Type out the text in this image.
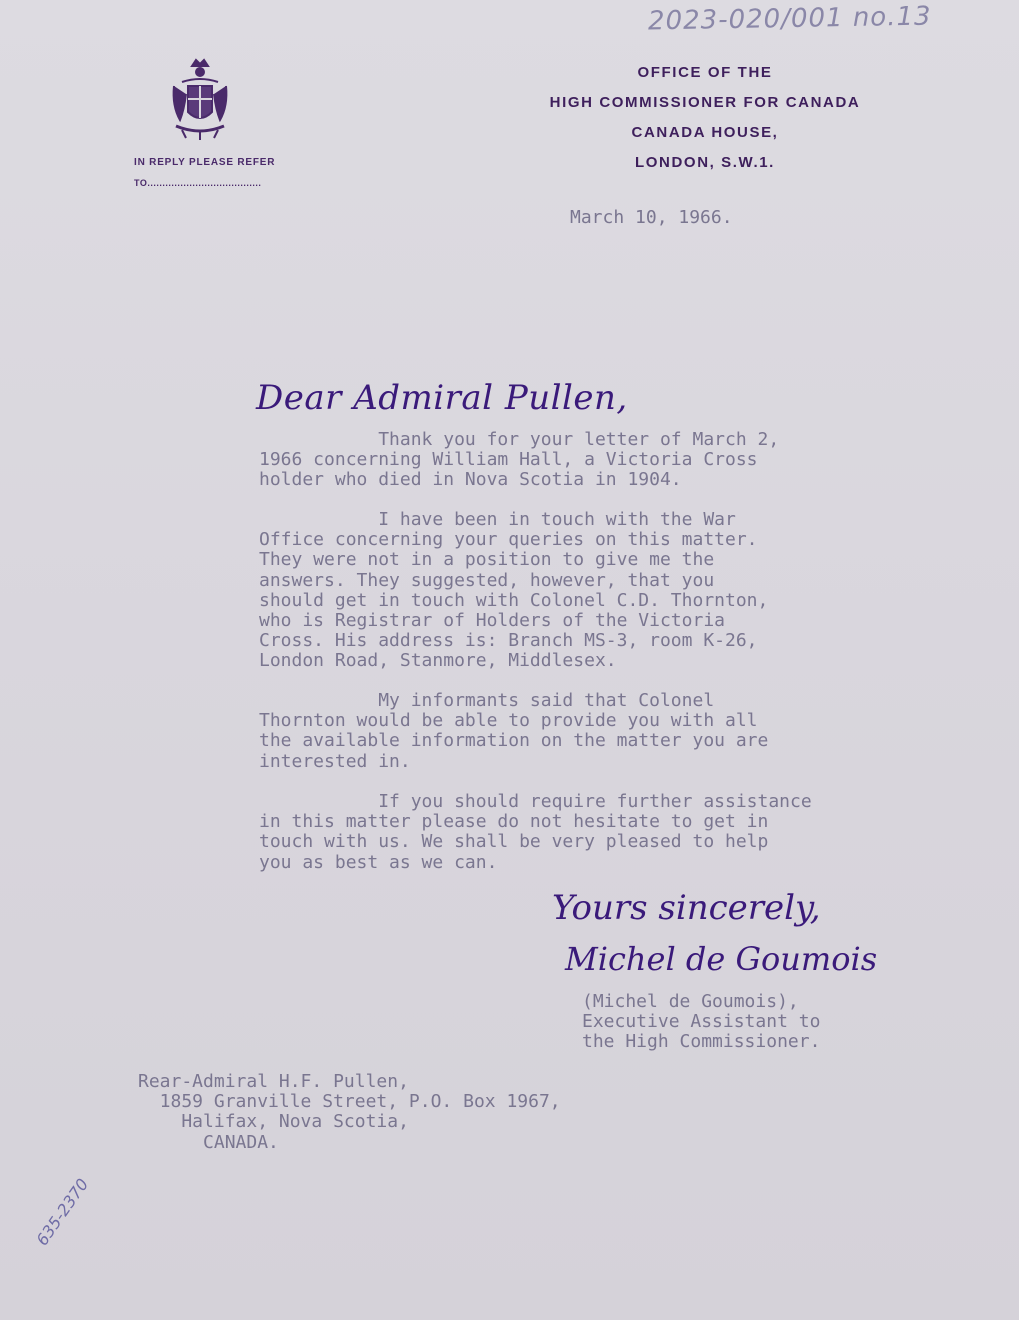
2023-020/001 no.13
IN REPLY PLEASE REFER
TO......................................
OFFICE OF THE
HIGH COMMISSIONER FOR CANADA
CANADA HOUSE,
LONDON, S.W.1.
March 10, 1966.
Dear Admiral Pullen,
Thank you for your letter of March 2,
1966 concerning William Hall, a Victoria Cross
holder who died in Nova Scotia in 1904.
I have been in touch with the War
Office concerning your queries on this matter.
They were not in a position to give me the
answers. They suggested, however, that you
should get in touch with Colonel C.D. Thornton,
who is Registrar of Holders of the Victoria
Cross. His address is: Branch MS-3, room K-26,
London Road, Stanmore, Middlesex.
My informants said that Colonel
Thornton would be able to provide you with all
the available information on the matter you are
interested in.
If you should require further assistance
in this matter please do not hesitate to get in
touch with us. We shall be very pleased to help
you as best as we can.
Yours sincerely,
Michel de Goumois
(Michel de Goumois),
Executive Assistant to
the High Commissioner.
Rear-Admiral H.F. Pullen,
1859 Granville Street, P.O. Box 1967,
Halifax, Nova Scotia,
CANADA.
635-2370
